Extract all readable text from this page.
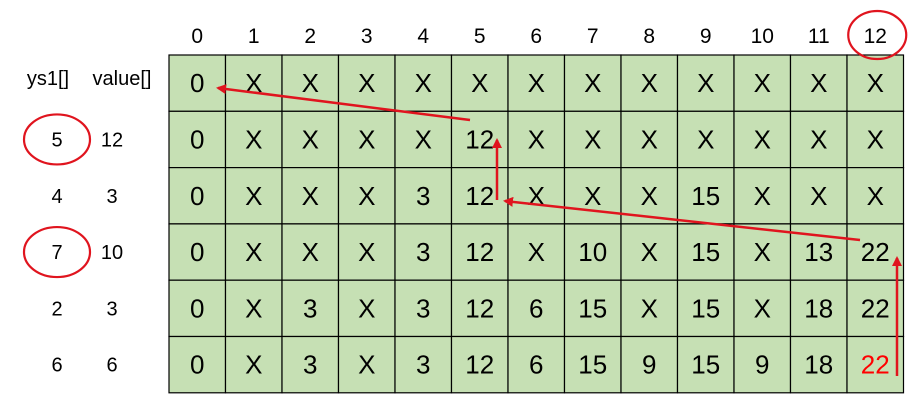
0 1 2 3 4 5 6 7 8 9 10 11 12
ys1[] value[]
5 12
4 3
7 10
2 3
6 6
0 X X X X X X X X X X X X
0 X X X X 12 X X X X X X X
0 X X X 3 12 X X X 15 X X X
0 X X X 3 12 X 10 X 15 X 13 22
0 X 3 X 3 12 6 15 X 15 X 18 22
0 X 3 X 3 12 6 15 9 15 9 18 22
